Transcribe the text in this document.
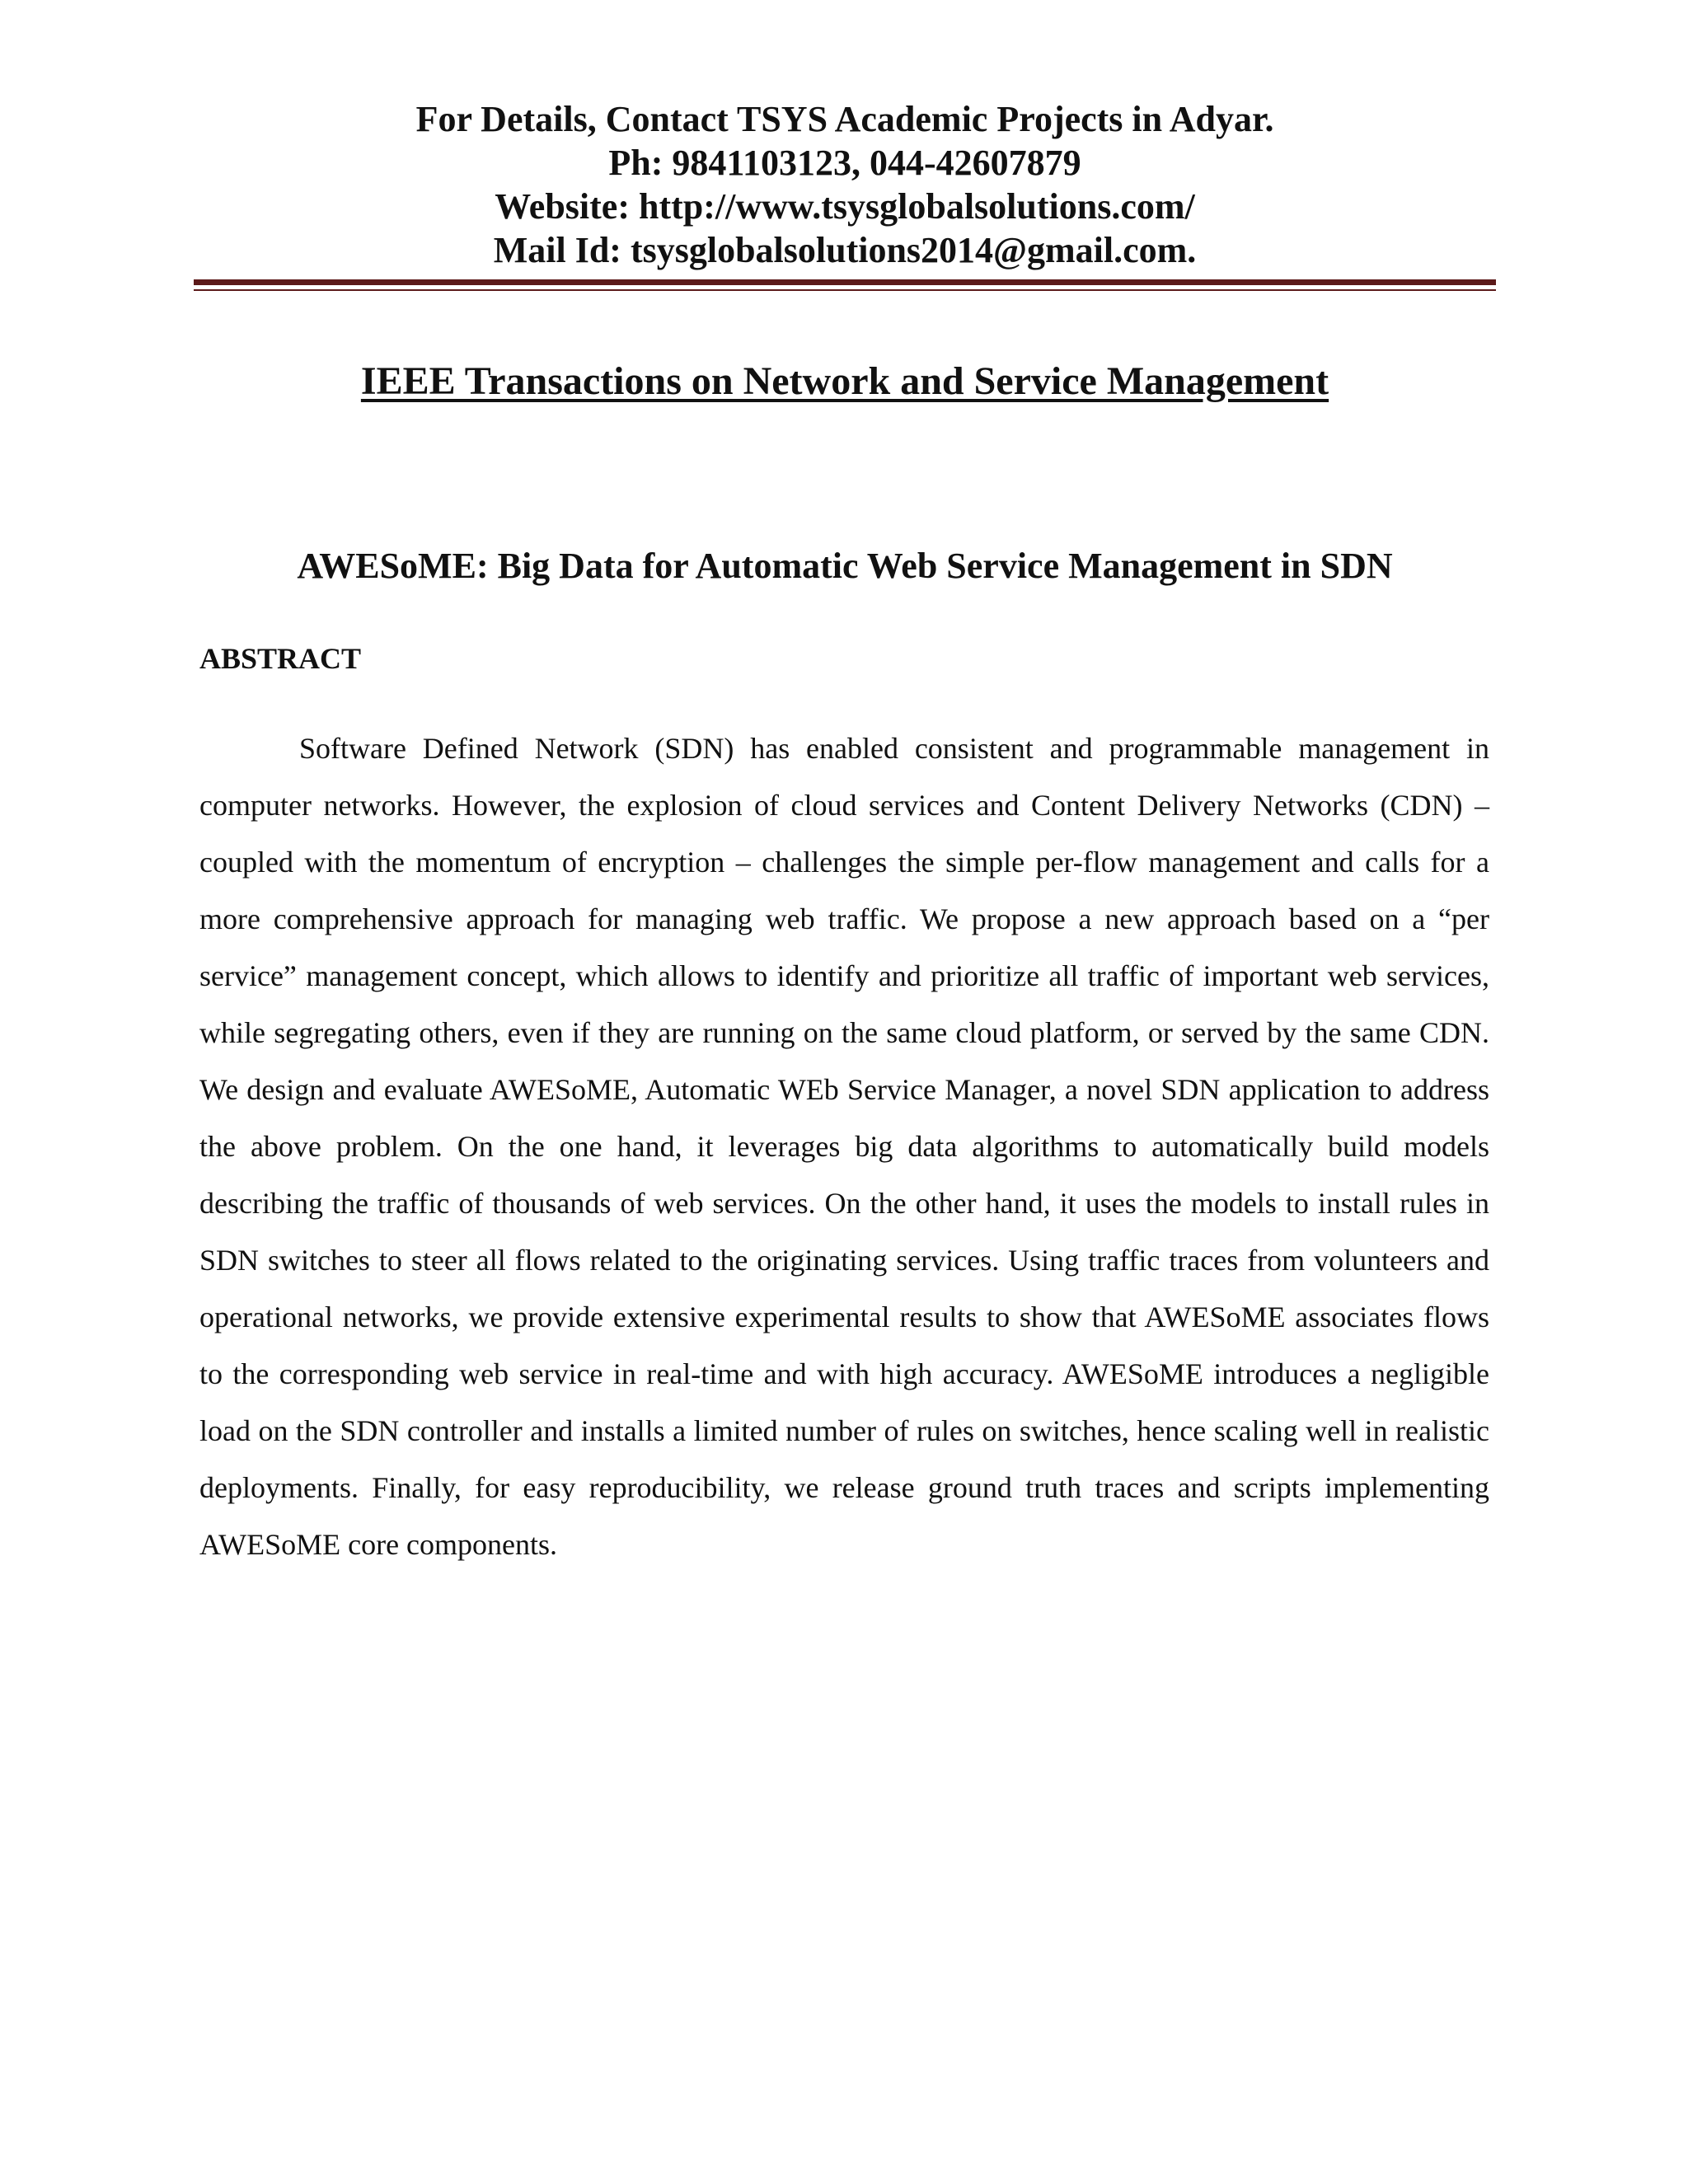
For Details, Contact TSYS Academic Projects in Adyar.
Ph: 9841103123, 044-42607879
Website: http://www.tsysglobalsolutions.com/
Mail Id: tsysglobalsolutions2014@gmail.com.
IEEE Transactions on Network and Service Management
AWESoME: Big Data for Automatic Web Service Management in SDN
ABSTRACT

Software Defined Network (SDN) has enabled consistent and programmable management in computer networks. However, the explosion of cloud services and Content Delivery Networks (CDN) – coupled with the momentum of encryption – challenges the simple per-flow management and calls for a more comprehensive approach for managing web traffic. We propose a new approach based on a “per service” management concept, which allows to identify and prioritize all traffic of important web services, while segregating others, even if they are running on the same cloud platform, or served by the same CDN. We design and evaluate AWESoME, Automatic WEb Service Manager, a novel SDN application to address the above problem. On the one hand, it leverages big data algorithms to automatically build models describing the traffic of thousands of web services. On the other hand, it uses the models to install rules in SDN switches to steer all flows related to the originating services. Using traffic traces from volunteers and operational networks, we provide extensive experimental results to show that AWESoME associates flows to the corresponding web service in real-time and with high accuracy. AWESoME introduces a negligible load on the SDN controller and installs a limited number of rules on switches, hence scaling well in realistic deployments. Finally, for easy reproducibility, we release ground truth traces and scripts implementing AWESoME core components.
